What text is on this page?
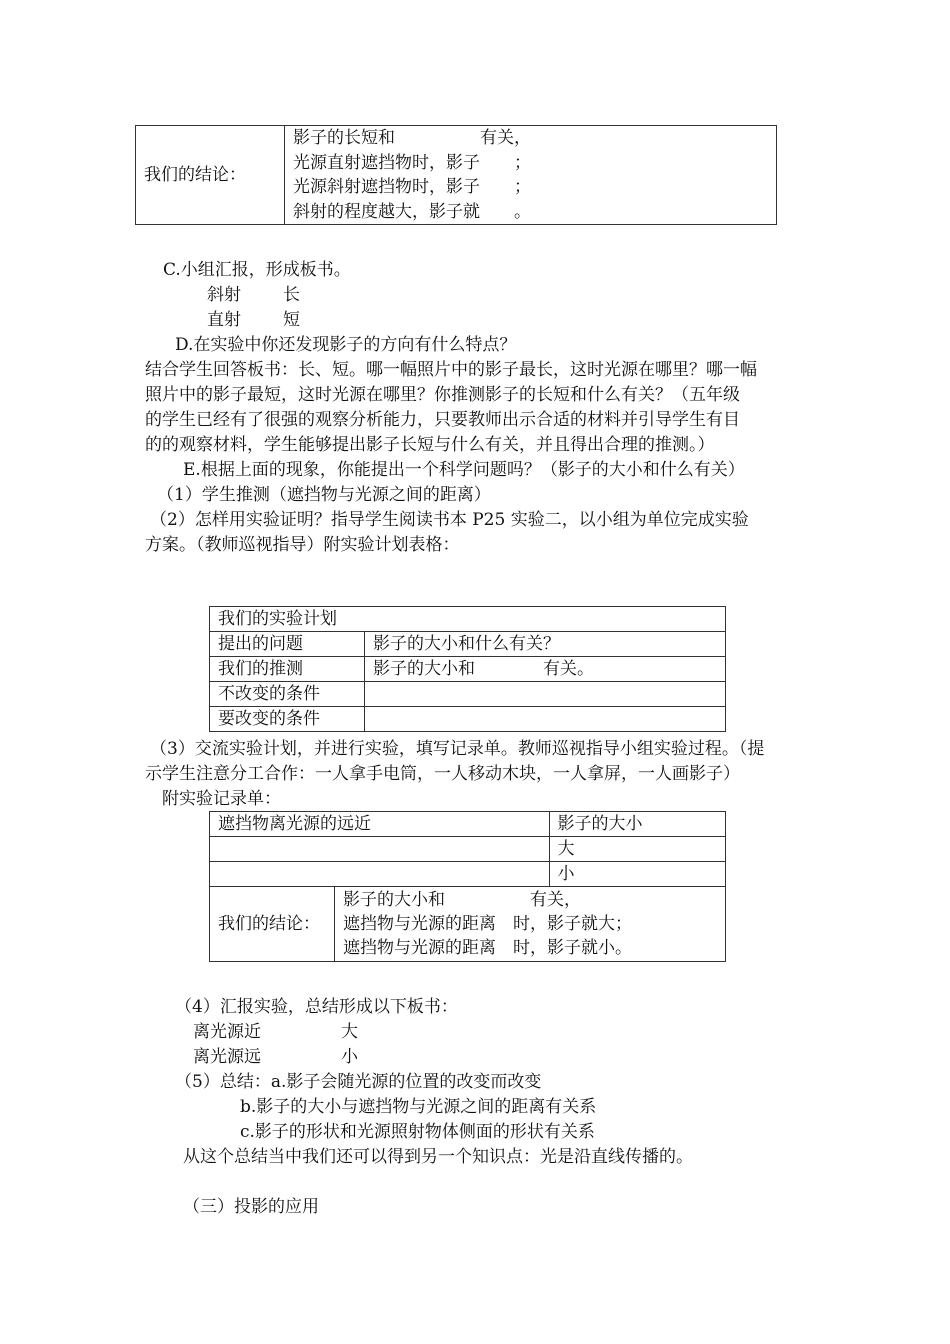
我们的结论：	
影子的长短和　　　　　有关，
光源直射遮挡物时，影子　　；
光源斜射遮挡物时，影子　　；
斜射的程度越大，影子就　　。
C.小组汇报，形成板书。
斜射 长
直射 短
D.在实验中你还发现影子的方向有什么特点？
结合学生回答板书：长、短。哪一幅照片中的影子最长，这时光源在哪里？哪一幅
照片中的影子最短，这时光源在哪里？你推测影子的长短和什么有关？（五年级
的学生已经有了很强的观察分析能力，只要教师出示合适的材料并引导学生有目
的的观察材料，学生能够提出影子长短与什么有关，并且得出合理的推测。）
E.根据上面的现象，你能提出一个科学问题吗？（影子的大小和什么有关）
（1）学生推测（遮挡物与光源之间的距离）
（2）怎样用实验证明？指导学生阅读书本 P25 实验二，以小组为单位完成实验
方案。（教师巡视指导）附实验计划表格：
我们的实验计划	
提出的问题	影子的大小和什么有关？
我们的推测	影子的大小和　　　　有关。
不改变的条件	
要改变的条件	
（3）交流实验计划，并进行实验，填写记录单。教师巡视指导小组实验过程。（提
示学生注意分工合作：一人拿手电筒，一人移动木块，一人拿屏，一人画影子）
附实验记录单：
遮挡物离光源的远近		影子的大小
		大
		小
我们的结论：	影子的大小和　　　　　有关，
遮挡物与光源的距离　时，影子就大；
遮挡物与光源的距离　时，影子就小。	
（4）汇报实验，总结形成以下板书：
离光源近	大
离光源远	小
（5）总结：a.影子会随光源的位置的改变而改变
b.影子的大小与遮挡物与光源之间的距离有关系
c.影子的形状和光源照射物体侧面的形状有关系
从这个总结当中我们还可以得到另一个知识点：光是沿直线传播的。
（三）投影的应用
